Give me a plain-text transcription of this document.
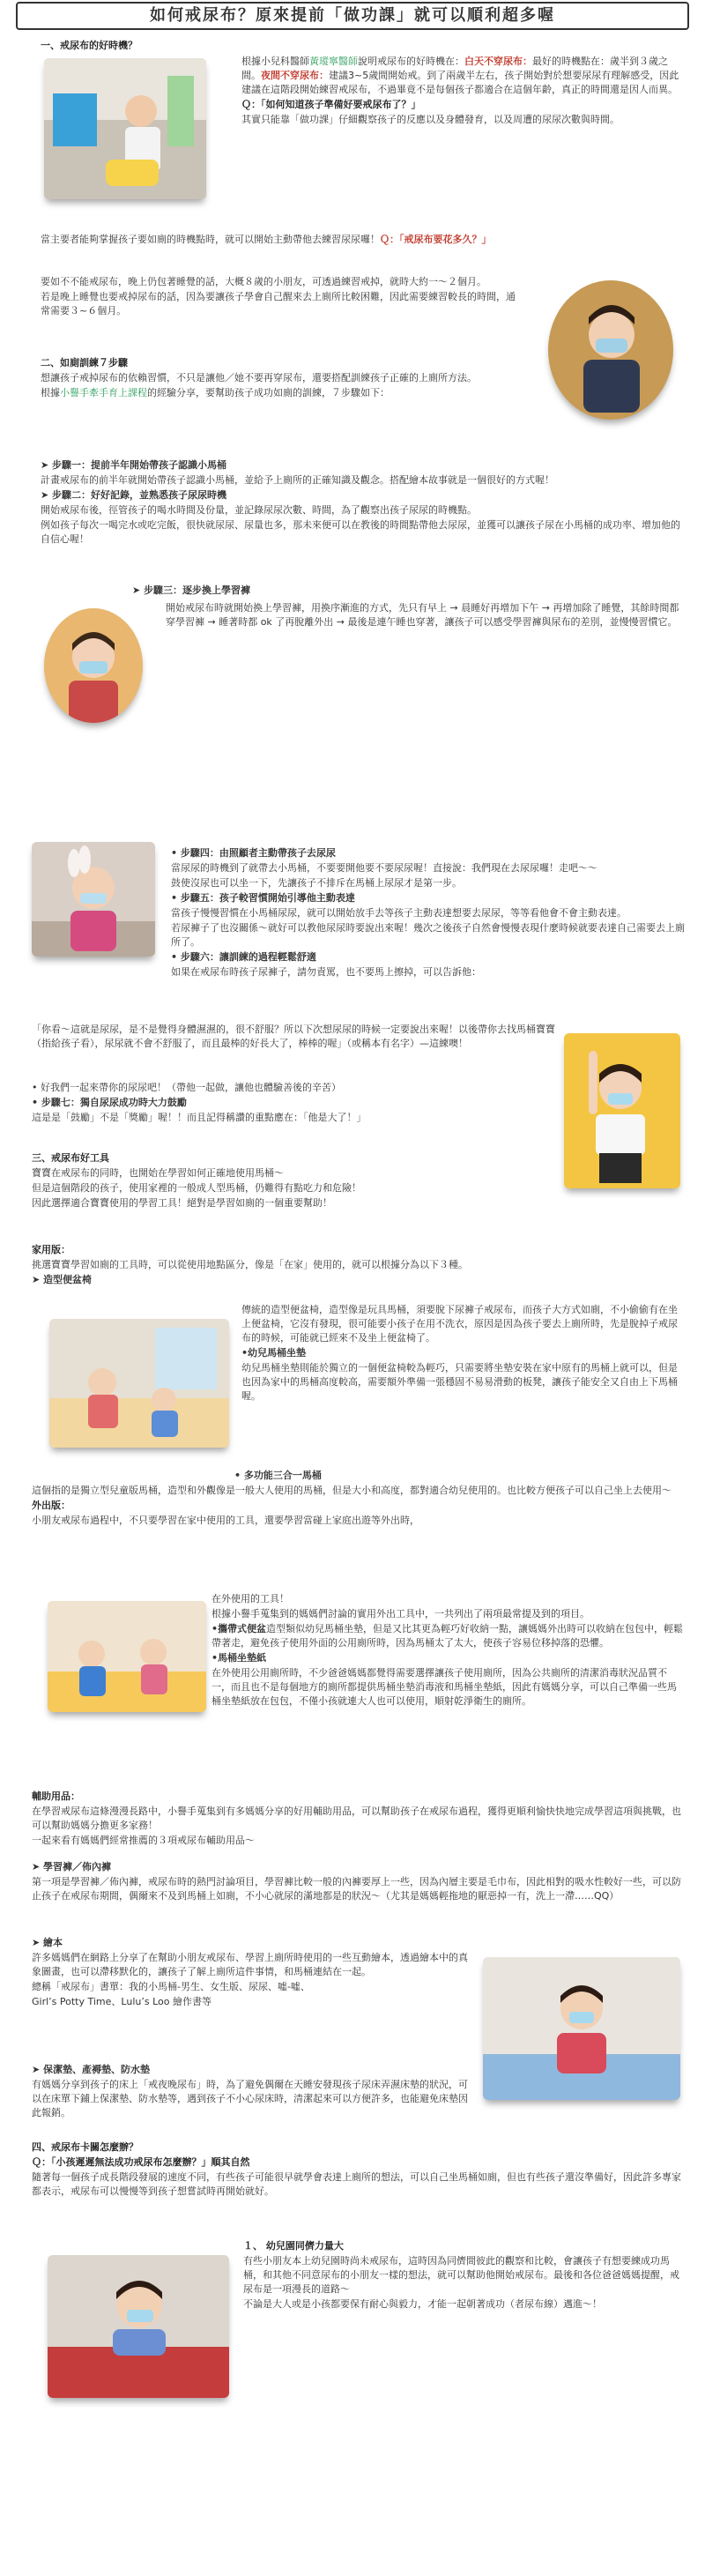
如何戒尿布？原來提前「做功課」就可以順利超多喔
一、戒尿布的好時機？

根據小兒科醫師黃瑽寧醫師說明戒尿布的好時機在：白天不穿尿布：最好的時機點在：歲半到３歲之間。夜間不穿尿布：建議3~5歲間開始戒。到了兩歲半左右，孩子開始對於想要尿尿有理解感受，因此建議在這階段開始練習戒尿布，不過畢竟不是每個孩子都適合在這個年齡，真正的時間還是因人而異。

Ｑ：「如何知道孩子準備好要戒尿布了？」

其實只能靠「做功課」仔細觀察孩子的反應以及身體發育，以及周遭的尿尿次數與時間。

當主要者能夠掌握孩子要如廁的時機點時，就可以開始主動帶他去練習尿尿囉！Ｑ：「戒尿布要花多久？」

要如不不能戒尿布，晚上仍包著睡覺的話，大概８歲的小朋友，可透過練習戒掉，就時大約一～２個月。

若是晚上睡覺也要戒掉尿布的話，因為要讓孩子學會自己醒來去上廁所比較困難，因此需要練習較長的時間，通常需要３~６個月。

二、如廁訓練７步驟

想讓孩子戒掉尿布的依賴習慣，不只是讓他／她不要再穿尿布，還要搭配訓練孩子正確的上廁所方法。

根據小譽手牽手育上課程的經驗分享，要幫助孩子成功如廁的訓練，７步驟如下：

➤ 步驟一：提前半年開始帶孩子認識小馬桶

計畫戒尿布的前半年就開始帶孩子認識小馬桶，並給予上廁所的正確知識及觀念。搭配繪本故事就是一個很好的方式喔！

➤ 步驟二：好好記錄，並熟悉孩子尿尿時機

開始戒尿布後，徑管孩子的喝水時間及份量，並記錄尿尿次數、時間，為了觀察出孩子尿尿的時機點。

例如孩子每次一喝完水或吃完飯，很快就尿尿、尿量也多，那未來便可以在教後的時間點帶他去尿尿，並獲可以讓孩子尿在小馬桶的成功率、增加他的自信心喔！

➤ 步驟三：逐步換上學習褲

開始戒尿布時就開始換上學習褲，用換序漸進的方式，先只有早上 → 晨睡好再增加下午 → 再增加除了睡覺，其餘時間都穿學習褲 → 睡著時都 ok 了再脫離外出 → 最後是連午睡也穿著，讓孩子可以感受學習褲與尿布的差別，並慢慢習慣它。

• 步驟四：由照顧者主動帶孩子去尿尿

當尿尿的時機到了就帶去小馬桶，不要要開他要不要尿尿喔！直接說：我們現在去尿尿囉！走吧～～

鼓使沒尿也可以坐一下，先讓孩子不排斥在馬桶上尿尿才是第一步。

• 步驟五：孩子較習慣開始引導他主動表達

當孩子慢慢習慣在小馬桶尿尿，就可以開始放手去等孩子主動表達想要去尿尿，等等看他會不會主動表達。

若尿褲子了也沒關係～就好可以教他尿尿時要說出來喔！幾次之後孩子自然會慢慢表現什麼時候就要表達自己需要去上廁所了。

• 步驟六：讓訓練的過程輕鬆舒適

如果在戒尿布時孩子尿褲子，請勿責罵，也不要馬上擦掉，可以告訴他：

「你看～這就是尿尿，是不是覺得身體濕濕的，很不舒服？所以下次想尿尿的時候一定要說出來喔！以後帶你去找馬桶寶寶（指給孩子看），尿尿就不會不舒服了，而且最棒的好長大了，棒棒的喔」（或稱本有名字）—這練噢！

• 好我們一起來帶你的尿尿吧！（帶他一起做，讓他也體驗善後的辛苦）

• 步驟七：獨自尿尿成功時大力鼓勵

這是是「鼓勵」不是「獎勵」喔！！而且記得稱讚的重點應在：「他是大了！」

三、戒尿布好工具

寶寶在戒尿布的同時，也開始在學習如何正確地使用馬桶～

但是這個階段的孩子，使用家裡的一般成人型馬桶，仍難得有點吃力和危險！

因此選擇適合寶寶使用的學習工具！絕對是學習如廁的一個重要幫助！

家用版：

挑選寶寶學習如廁的工具時，可以從使用地點區分，像是「在家」使用的，就可以根據分為以下３種。

➤ 造型便盆椅

傳統的造型便盆椅，造型像是玩具馬桶，須要脫下尿褲子戒尿布，而孩子大方式如廁，不小偷偷有在坐上便盆椅，它沒有發現，很可能要小孩子在用不洗衣，原因是因為孩子要去上廁所時，先是脫掉子戒尿布的時候，可能就已經來不及坐上便盆椅了。

•幼兒馬桶坐墊

幼兒馬桶坐墊則能於獨立的一個便盆椅較為輕巧，只需要將坐墊安裝在家中原有的馬桶上就可以，但是也因為家中的馬桶高度較高，需要額外準備一張穩固不易易滑動的板凳，讓孩子能安全又自由上下馬桶喔。

• 多功能三合一馬桶

這個指的是獨立型兒童版馬桶，造型和外觀像是一般大人使用的馬桶，但是大小和高度，都對適合幼兒使用的。也比較方便孩子可以自己坐上去使用～

外出版：

小朋友戒尿布過程中，不只要學習在家中使用的工具，還要學習當碰上家庭出遊等外出時，

在外使用的工具！

根據小譽手蒐集到的媽媽們討論的實用外出工具中，一共列出了兩項最常提及到的項目。

•攜帶式便盆造型類似幼兒馬桶坐墊，但是又比其更為輕巧好收納一點，讓媽媽外出時可以收納在包包中，輕鬆帶著走，避免孩子使用外面的公用廁所時，因為馬桶太了太大，使孩子容易位移掉落的恐懼。

•馬桶坐墊紙

在外使用公用廁所時，不少爸爸媽媽都覺得需要選擇讓孩子使用廁所，因為公共廁所的清潔消毒狀況品質不一，而且也不是每個地方的廁所都提供馬桶坐墊消毒液和馬桶坐墊紙，因此有媽媽分享，可以自己準備一些馬桶坐墊紙放在包包，不僅小孩就連大人也可以使用，順射乾淨衛生的廁所。

輔助用品：

在學習戒尿布這條漫漫長路中，小譽手蒐集到有多媽媽分享的好用輔助用品，可以幫助孩子在戒尿布過程，獲得更順利愉快快地完成學習這項與挑戰，也可以幫助媽媽分擔更多家務！

一起來看有媽媽們經常推薦的３項戒尿布輔助用品～

➤ 學習褲／佈內褲

第一項是學習褲／佈內褲，戒尿布時的熱門討論項目，學習褲比較一般的內褲要厚上一些，因為內層主要是毛巾布，因此相對的吸水性較好一些，可以防止孩子在戒尿布期間，偶爾來不及到馬桶上如廁，不小心就尿的滿地都是的狀況～（尤其是媽媽輕拖地的厭惡掉一有，洗上一滯……QQ）

➤ 繪本

許多媽媽們在網路上分享了在幫助小朋友戒尿布、學習上廁所時使用的一些互動繪本，透過繪本中的真象圖畫，也可以滯移默化的，讓孩子了解上廁所這件事情，和馬桶連結在一起。

總稱「戒尿布」書單：我的小馬桶-男生、女生版、尿尿、噓-噓、

Girl’s Potty Time、Lulu’s Loo 繪作書等

➤ 保潔墊、產褥墊、防水墊

有媽媽分享到孩子的床上「戒夜晚尿布」時，為了避免偶爾在天睡安發現孩子尿床弄濕床墊的狀況，可以在床單下鋪上保潔墊、防水墊等，遇到孩子不小心尿床時，清潔起來可以方便許多，也能避免床墊因此報銷。

四、戒尿布卡關怎麼辦？

Ｑ：「小孩遲遲無法成功戒尿布怎麼辦？」順其自然

隨著每一個孩子成長階段發展的速度不同，有些孩子可能很早就學會表達上廁所的想法，可以自己坐馬桶如廁，但也有些孩子還沒準備好，因此許多專家都表示，戒尿布可以慢慢等到孩子想嘗試時再開始就好。

１、 幼兒園同儕力量大

有些小朋友本上幼兒園時尚未戒尿布，這時因為同儕間彼此的觀察和比較，會讓孩子有想要練成功馬桶，和其他不同意尿布的小朋友一樣的想法，就可以幫助他開始戒尿布。最後和各位爸爸媽媽提醒，戒尿布是一項漫長的道路～

不論是大人或是小孩都要保有耐心與毅力，才能一起朝著成功（者尿布線）邁進～！
